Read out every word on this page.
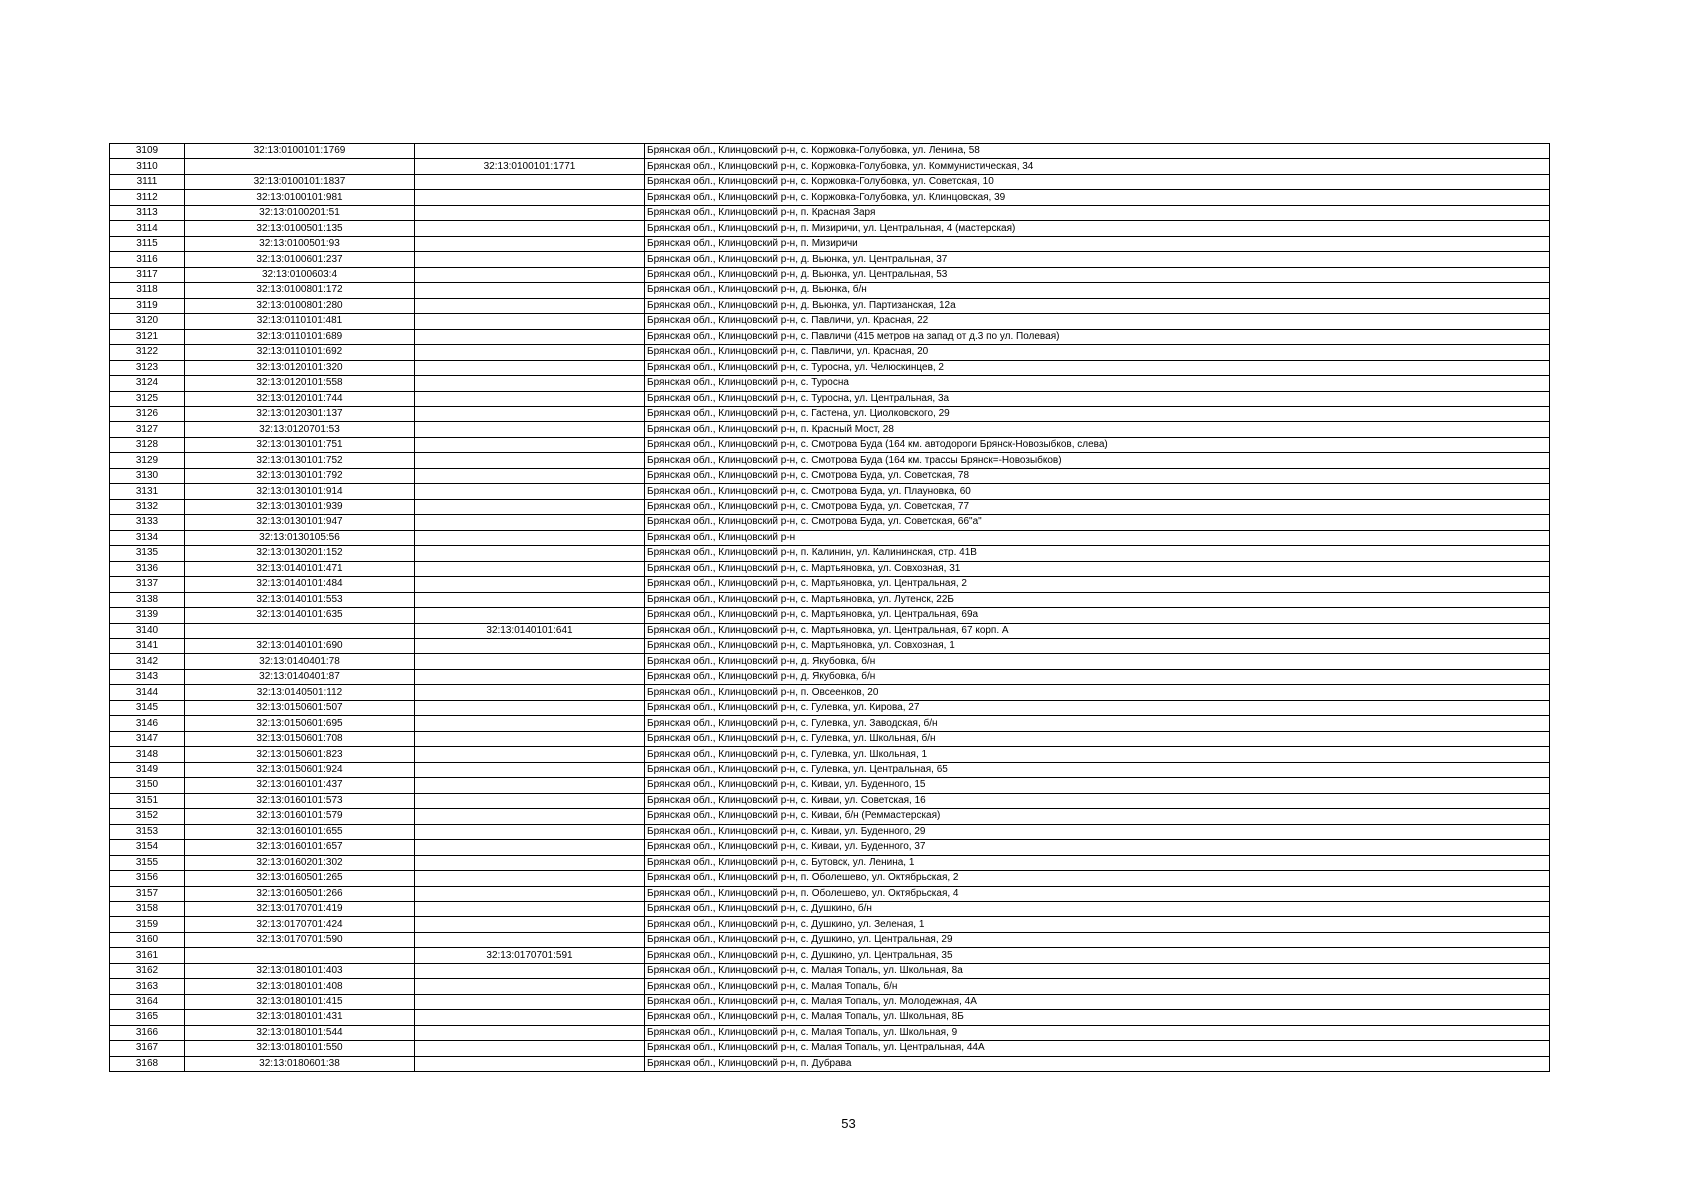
3109	32:13:0100101:1769		Брянская обл., Клинцовский р-н, с. Коржовка-Голубовка, ул. Ленина, 58
3110		32:13:0100101:1771	Брянская обл., Клинцовский р-н, с. Коржовка-Голубовка, ул. Коммунистическая, 34
3111	32:13:0100101:1837		Брянская обл., Клинцовский р-н, с. Коржовка-Голубовка, ул. Советская, 10
3112	32:13:0100101:981		Брянская обл., Клинцовский р-н, с. Коржовка-Голубовка, ул. Клинцовская, 39
3113	32:13:0100201:51		Брянская обл., Клинцовский р-н, п. Красная Заря
3114	32:13:0100501:135		Брянская обл., Клинцовский р-н, п. Мизиричи, ул. Центральная, 4 (мастерская)
3115	32:13:0100501:93		Брянская обл., Клинцовский р-н, п. Мизиричи
3116	32:13:0100601:237		Брянская обл., Клинцовский р-н, д. Вьюнка, ул. Центральная, 37
3117	32:13:0100603:4		Брянская обл., Клинцовский р-н, д. Вьюнка, ул. Центральная, 53
3118	32:13:0100801:172		Брянская обл., Клинцовский р-н, д. Вьюнка, б/н
3119	32:13:0100801:280		Брянская обл., Клинцовский р-н, д. Вьюнка, ул. Партизанская, 12а
3120	32:13:0110101:481		Брянская обл., Клинцовский р-н, с. Павличи, ул. Красная, 22
3121	32:13:0110101:689		Брянская обл., Клинцовский р-н, с. Павличи (415 метров на запад от д.3 по ул. Полевая)
3122	32:13:0110101:692		Брянская обл., Клинцовский р-н, с. Павличи, ул. Красная, 20
3123	32:13:0120101:320		Брянская обл., Клинцовский р-н, с. Туросна, ул. Челюскинцев, 2
3124	32:13:0120101:558		Брянская обл., Клинцовский р-н, с. Туросна
3125	32:13:0120101:744		Брянская обл., Клинцовский р-н, с. Туросна, ул. Центральная, 3а
3126	32:13:0120301:137		Брянская обл., Клинцовский р-н, с. Гастена, ул. Циолковского, 29
3127	32:13:0120701:53		Брянская обл., Клинцовский р-н, п. Красный Мост, 28
3128	32:13:0130101:751		Брянская обл., Клинцовский р-н, с. Смотрова Буда (164 км. автодороги Брянск-Новозыбков, слева)
3129	32:13:0130101:752		Брянская обл., Клинцовский р-н, с. Смотрова Буда (164 км. трассы Брянск=-Новозыбков)
3130	32:13:0130101:792		Брянская обл., Клинцовский р-н, с. Смотрова Буда, ул. Советская, 78
3131	32:13:0130101:914		Брянская обл., Клинцовский р-н, с. Смотрова Буда, ул. Плауновка, 60
3132	32:13:0130101:939		Брянская обл., Клинцовский р-н, с. Смотрова Буда, ул. Советская, 77
3133	32:13:0130101:947		Брянская обл., Клинцовский р-н, с. Смотрова Буда, ул. Советская, 66"а"
3134	32:13:0130105:56		Брянская обл., Клинцовский р-н
3135	32:13:0130201:152		Брянская обл., Клинцовский р-н, п. Калинин, ул. Калининская, стр. 41В
3136	32:13:0140101:471		Брянская обл., Клинцовский р-н, с. Мартьяновка, ул. Совхозная, 31
3137	32:13:0140101:484		Брянская обл., Клинцовский р-н, с. Мартьяновка, ул. Центральная, 2
3138	32:13:0140101:553		Брянская обл., Клинцовский р-н, с. Мартьяновка, ул. Лутенск, 22Б
3139	32:13:0140101:635		Брянская обл., Клинцовский р-н, с. Мартьяновка, ул. Центральная, 69а
3140		32:13:0140101:641	Брянская обл., Клинцовский р-н, с. Мартьяновка, ул. Центральная, 67 корп. А
3141	32:13:0140101:690		Брянская обл., Клинцовский р-н, с. Мартьяновка, ул. Совхозная, 1
3142	32:13:0140401:78		Брянская обл., Клинцовский р-н, д. Якубовка, б/н
3143	32:13:0140401:87		Брянская обл., Клинцовский р-н, д. Якубовка, б/н
3144	32:13:0140501:112		Брянская обл., Клинцовский р-н, п. Овсеенков, 20
3145	32:13:0150601:507		Брянская обл., Клинцовский р-н, с. Гулевка, ул. Кирова, 27
3146	32:13:0150601:695		Брянская обл., Клинцовский р-н, с. Гулевка, ул. Заводская, б/н
3147	32:13:0150601:708		Брянская обл., Клинцовский р-н, с. Гулевка, ул. Школьная, б/н
3148	32:13:0150601:823		Брянская обл., Клинцовский р-н, с. Гулевка, ул. Школьная, 1
3149	32:13:0150601:924		Брянская обл., Клинцовский р-н, с. Гулевка, ул. Центральная, 65
3150	32:13:0160101:437		Брянская обл., Клинцовский р-н, с. Киваи, ул. Буденного, 15
3151	32:13:0160101:573		Брянская обл., Клинцовский р-н, с. Киваи, ул. Советская, 16
3152	32:13:0160101:579		Брянская обл., Клинцовский р-н, с. Киваи, б/н (Реммастерская)
3153	32:13:0160101:655		Брянская обл., Клинцовский р-н, с. Киваи, ул. Буденного, 29
3154	32:13:0160101:657		Брянская обл., Клинцовский р-н, с. Киваи, ул. Буденного, 37
3155	32:13:0160201:302		Брянская обл., Клинцовский р-н, с. Бутовск, ул. Ленина, 1
3156	32:13:0160501:265		Брянская обл., Клинцовский р-н, п. Оболешево, ул. Октябрьская, 2
3157	32:13:0160501:266		Брянская обл., Клинцовский р-н, п. Оболешево, ул. Октябрьская, 4
3158	32:13:0170701:419		Брянская обл., Клинцовский р-н, с. Душкино, б/н
3159	32:13:0170701:424		Брянская обл., Клинцовский р-н, с. Душкино, ул. Зеленая, 1
3160	32:13:0170701:590		Брянская обл., Клинцовский р-н, с. Душкино, ул. Центральная, 29
3161		32:13:0170701:591	Брянская обл., Клинцовский р-н, с. Душкино, ул. Центральная, 35
3162	32:13:0180101:403		Брянская обл., Клинцовский р-н, с. Малая Топаль, ул. Школьная, 8а
3163	32:13:0180101:408		Брянская обл., Клинцовский р-н, с. Малая Топаль, б/н
3164	32:13:0180101:415		Брянская обл., Клинцовский р-н, с. Малая Топаль, ул. Молодежная, 4А
3165	32:13:0180101:431		Брянская обл., Клинцовский р-н, с. Малая Топаль, ул. Школьная, 8Б
3166	32:13:0180101:544		Брянская обл., Клинцовский р-н, с. Малая Топаль, ул. Школьная, 9
3167	32:13:0180101:550		Брянская обл., Клинцовский р-н, с. Малая Топаль, ул. Центральная, 44А
3168	32:13:0180601:38		Брянская обл., Клинцовский р-н, п. Дубрава
53
